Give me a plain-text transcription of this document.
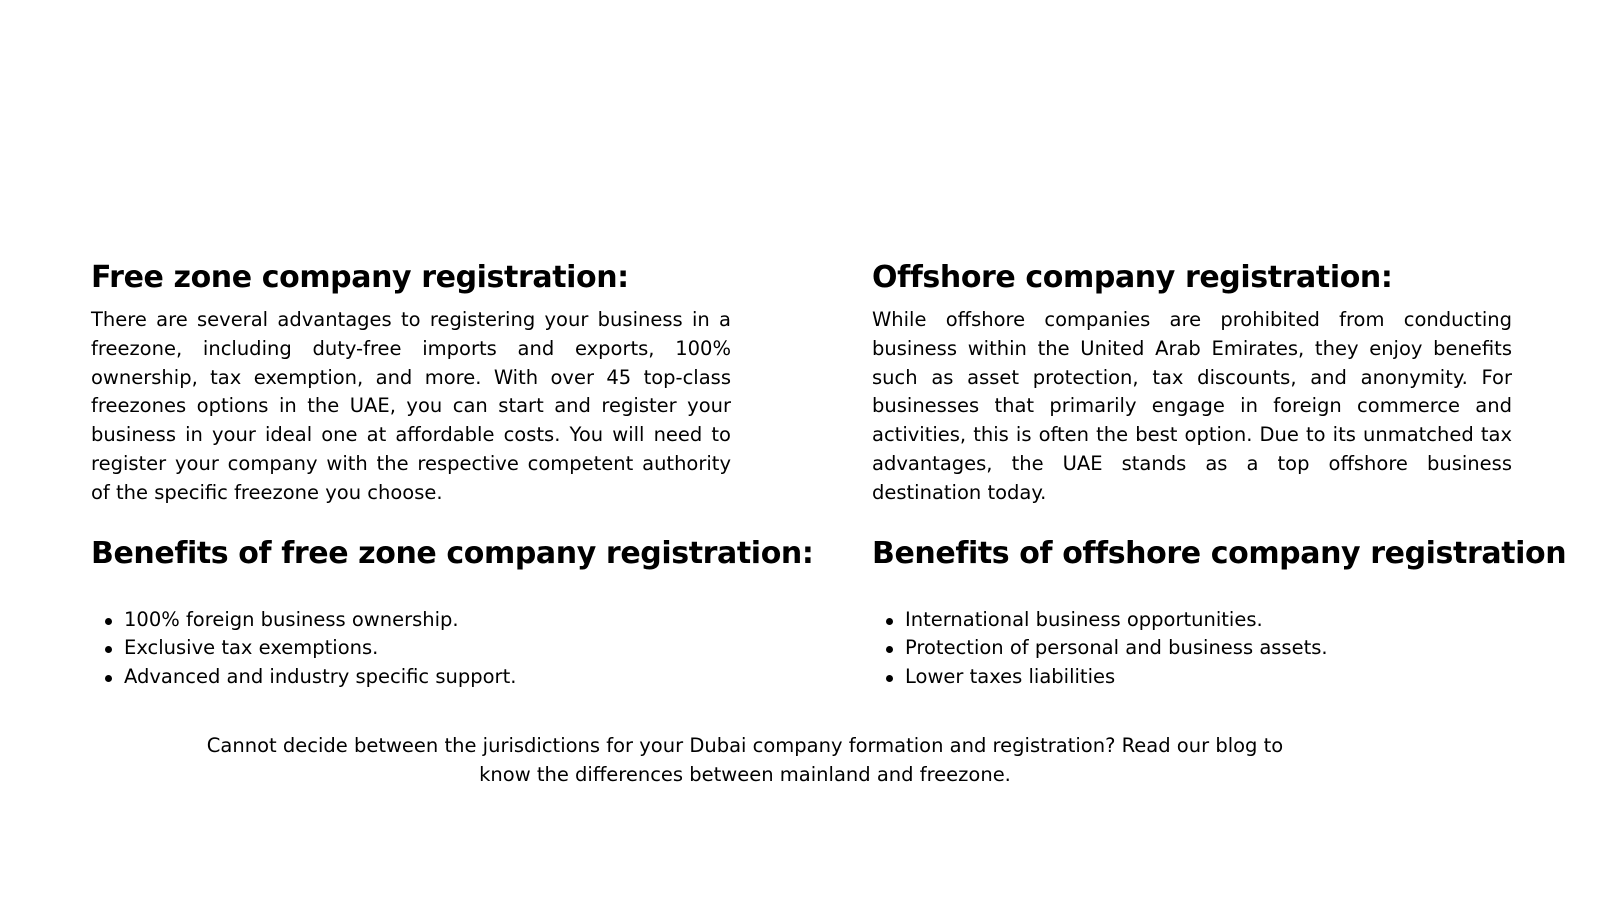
Free zone company registration:

There are several advantages to registering your business in a freezone, including duty-free imports and exports, 100% ownership, tax exemption, and more. With over 45 top-class freezones options in the UAE, you can start and register your business in your ideal one at affordable costs. You will need to register your company with the respective competent authority of the specific freezone you choose.

Benefits of free zone company registration:
100% foreign business ownership.
Exclusive tax exemptions.
Advanced and industry specific support.
Offshore company registration:

While offshore companies are prohibited from conducting business within the United Arab Emirates, they enjoy benefits such as asset protection, tax discounts, and anonymity. For businesses that primarily engage in foreign commerce and activities, this is often the best option. Due to its unmatched tax advantages, the UAE stands as a top offshore business destination today.

Benefits of offshore company registration
International business opportunities.
Protection of personal and business assets.
Lower taxes liabilities
Cannot decide between the jurisdictions for your Dubai company formation and registration? Read our blog to know the differences between mainland and freezone.
